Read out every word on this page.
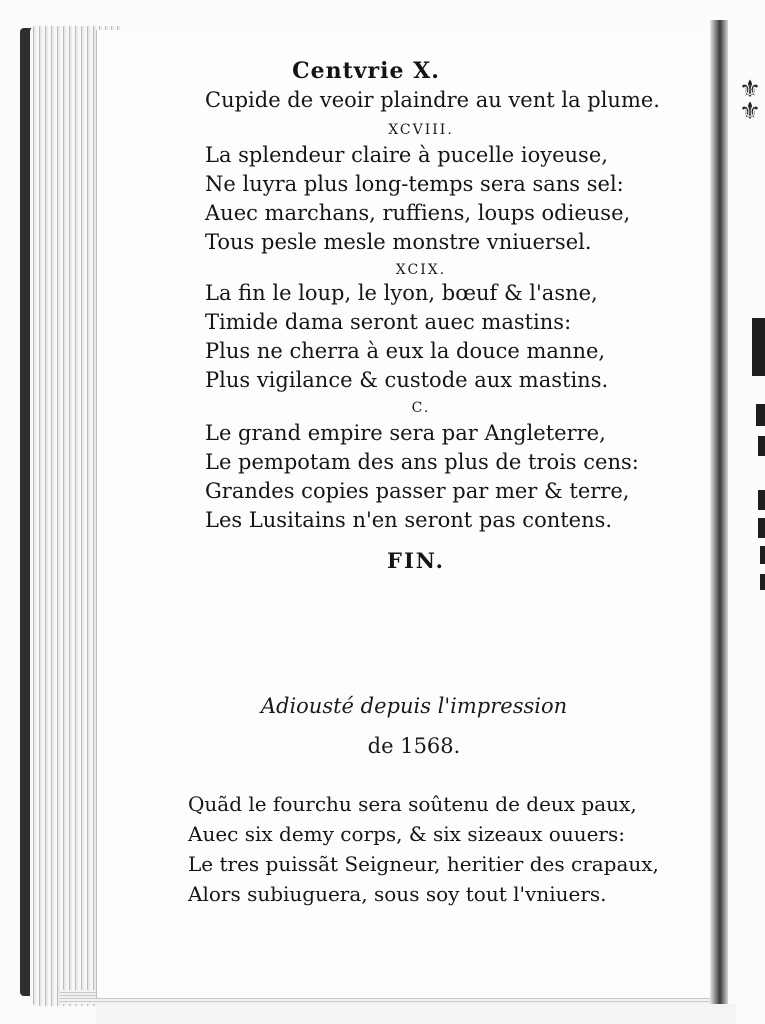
Centvrie X.
Cupide de veoir plaindre au vent la plume.
XCVIII.
La splendeur claire à pucelle ioyeuse,
Ne luyra plus long-temps sera sans sel:
Auec marchans, ruffiens, loups odieuse,
Tous pesle mesle monstre vniuersel.
XCIX.
La fin le loup, le lyon, bœuf & l'asne,
Timide dama seront auec mastins:
Plus ne cherra à eux la douce manne,
Plus vigilance & custode aux mastins.
C.
Le grand empire sera par Angleterre,
Le pempotam des ans plus de trois cens:
Grandes copies passer par mer & terre,
Les Lusitains n'en seront pas contens.
FIN.
Adiousté depuis l'impression
de 1568.
Quãd le fourchu sera soûtenu de deux paux,
Auec six demy corps, & six sizeaux ouuers:
Le tres puissãt Seigneur, heritier des crapaux,
Alors subiuguera, sous soy tout l'vniuers.
⚜
⚜
